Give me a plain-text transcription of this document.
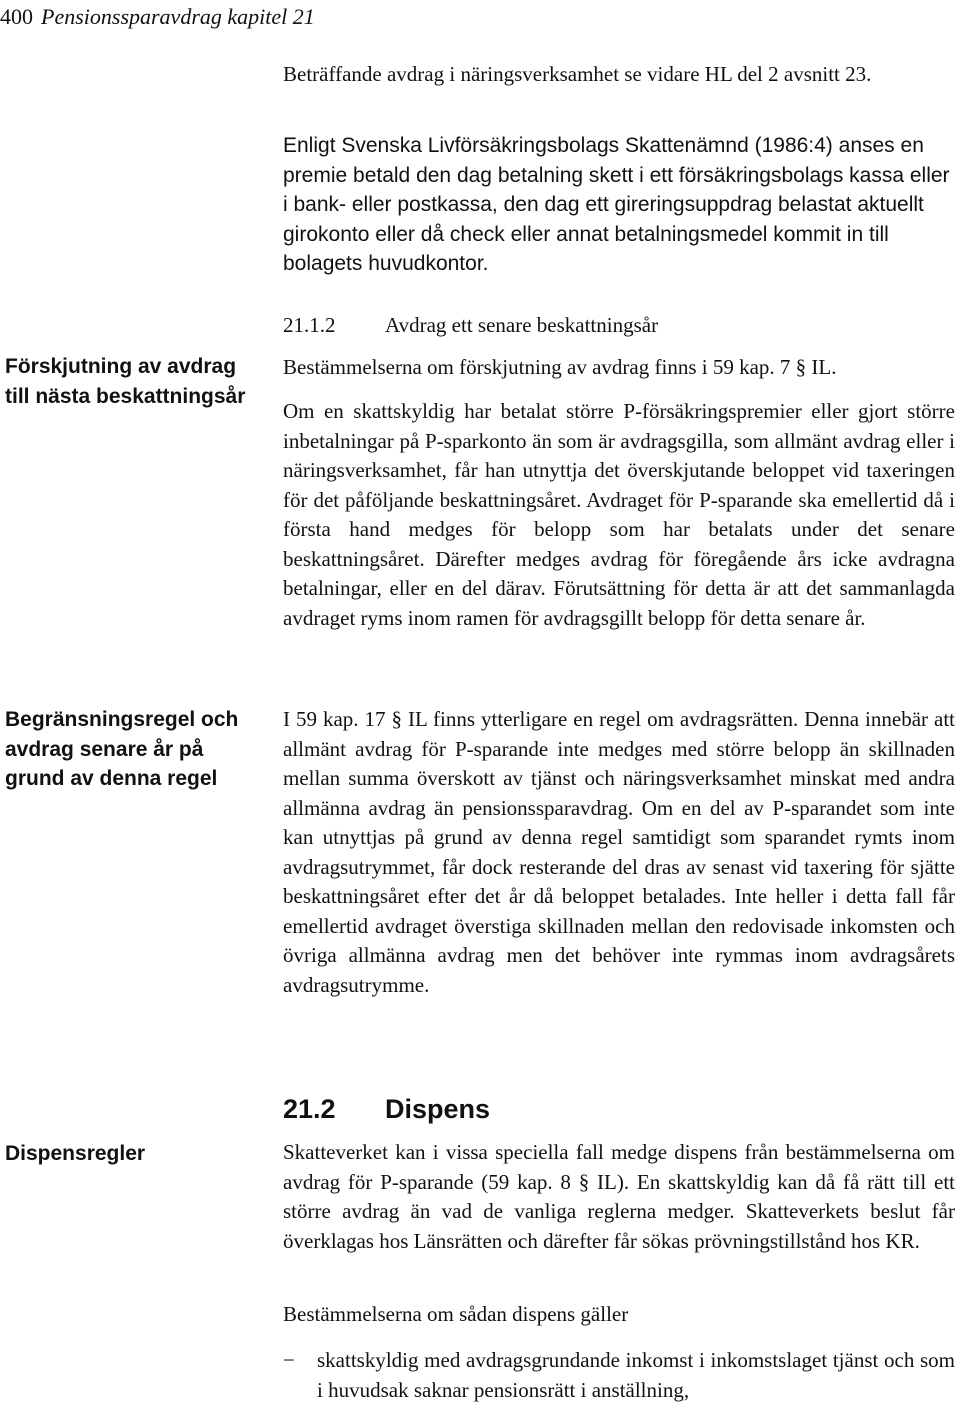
400 Pensionssparavdrag kapitel 21

Beträffande avdrag i näringsverksamhet se vidare HL del 2 avsnitt 23.

Enligt Svenska Livförsäkringsbolags Skattenämnd (1986:4) anses en premie betald den dag betalning skett i ett försäkringsbolags kassa eller i bank- eller postkassa, den dag ett gireringsuppdrag belastat aktuellt girokonto eller då check eller annat betalningsmedel kommit in till bolagets huvudkontor.

21.1.2 Avdrag ett senare beskattningsår

Förskjutning av avdrag till nästa beskattningsår

Bestämmelserna om förskjutning av avdrag finns i 59 kap. 7 § IL.

Om en skattskyldig har betalat större P-försäkringspremier eller gjort större inbetalningar på P-sparkonto än som är avdragsgilla, som allmänt avdrag eller i näringsverksamhet, får han utnyttja det överskjutande beloppet vid taxeringen för det påföljande beskattningsåret. Avdraget för P-sparande ska emellertid då i första hand medges för belopp som har betalats under det senare beskattningsåret. Därefter medges avdrag för föregående års icke avdragna betalningar, eller en del därav. Förutsättning för detta är att det sammanlagda avdraget ryms inom ramen för avdragsgillt belopp för detta senare år.

Begränsningsregel och avdrag senare år på grund av denna regel

I 59 kap. 17 § IL finns ytterligare en regel om avdragsrätten. Denna innebär att allmänt avdrag för P-sparande inte medges med större belopp än skillnaden mellan summa överskott av tjänst och näringsverksamhet minskat med andra allmänna avdrag än pensionssparavdrag. Om en del av P-sparandet som inte kan utnyttjas på grund av denna regel samtidigt som sparandet rymts inom avdragsutrymmet, får dock resterande del dras av senast vid taxering för sjätte beskattningsåret efter det år då beloppet betalades. Inte heller i detta fall får emellertid avdraget överstiga skillnaden mellan den redovisade inkomsten och övriga allmänna avdrag men det behöver inte rymmas inom avdragsårets avdragsutrymme.

21.2 Dispens

Dispensregler	Skatteverket kan i vissa speciella fall medge dispens från bestämmelserna om avdrag för P-sparande (59 kap. 8 § IL). En skattskyldig kan då få rätt till ett större avdrag än vad de vanliga reglerna medger. Skatteverkets beslut får överklagas hos Länsrätten och därefter får sökas prövningstillstånd hos KR.

Bestämmelserna om sådan dispens gäller

− skattskyldig med avdragsgrundande inkomst i inkomstslaget tjänst och som i huvudsak saknar pensionsrätt i anställning,
